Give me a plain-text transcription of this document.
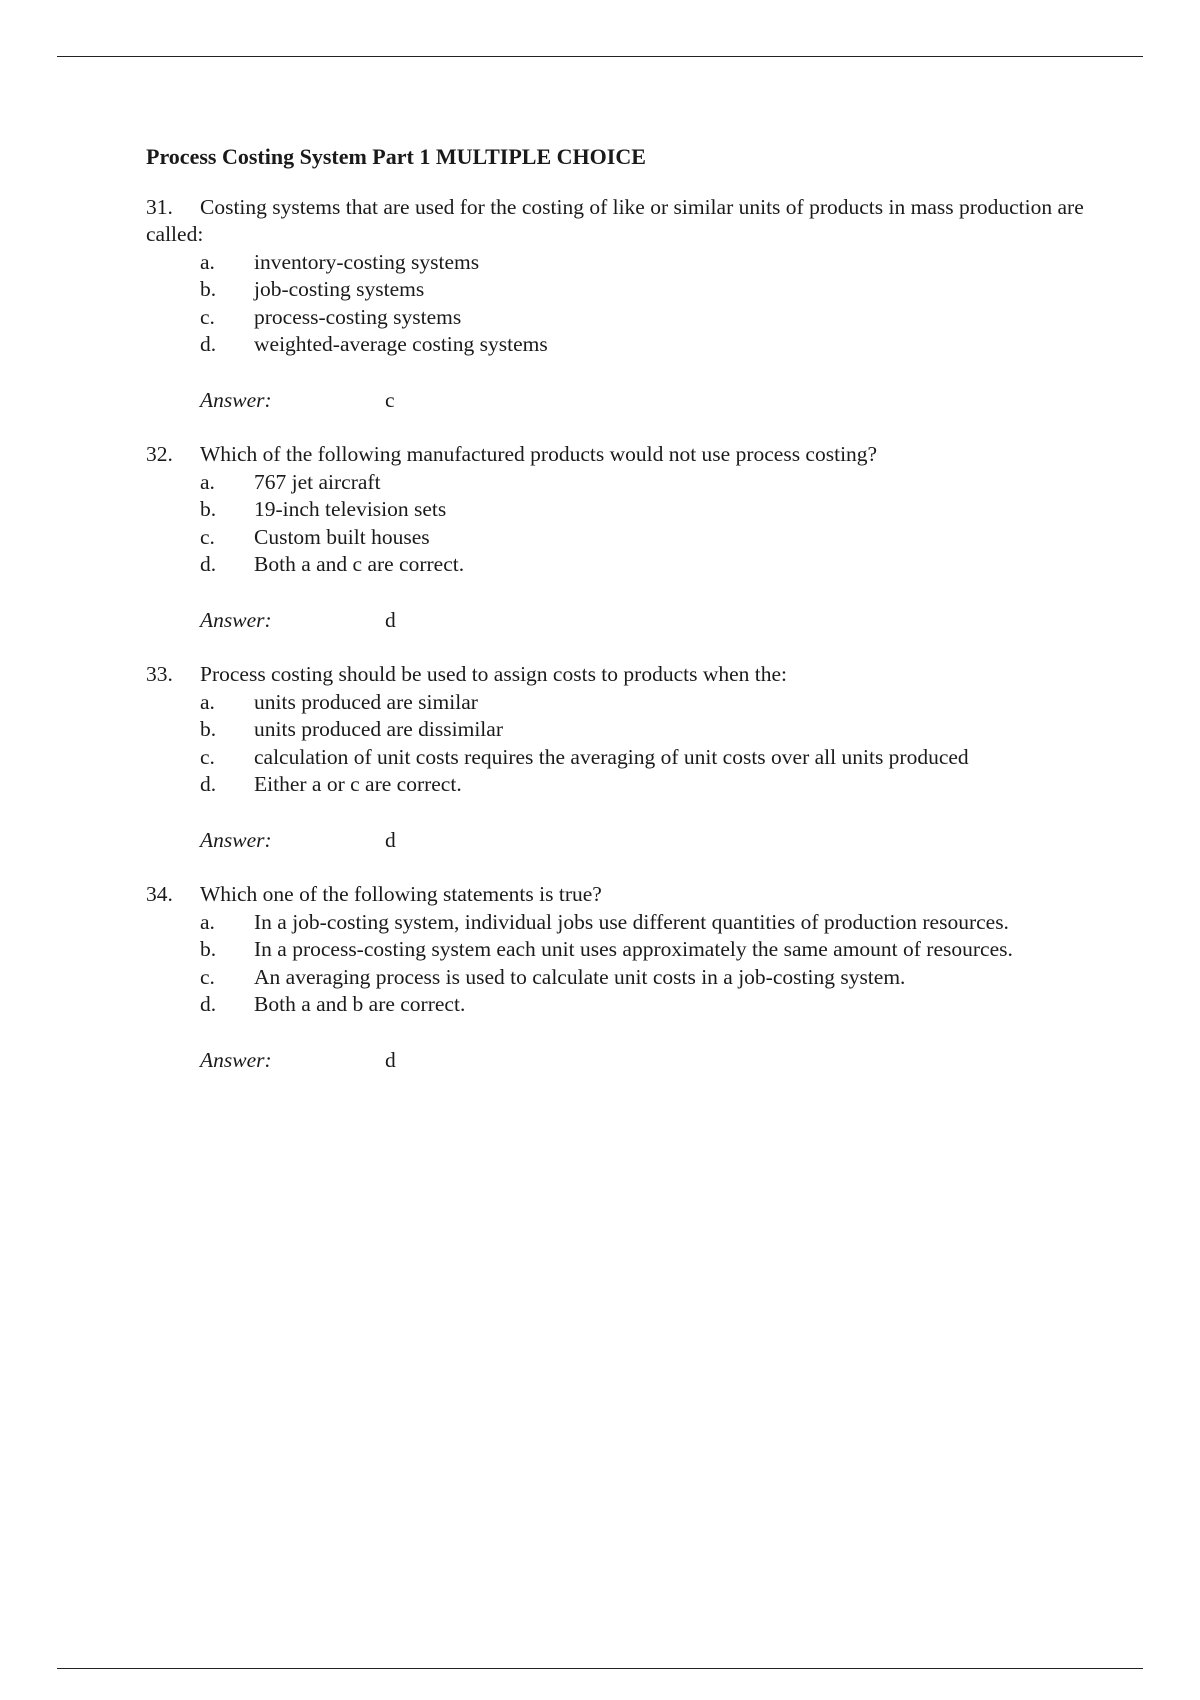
Process Costing System Part 1 MULTIPLE CHOICE
31. Costing systems that are used for the costing of like or similar units of products in mass production are called:
a.	inventory-costing systems
b.	job-costing systems
c.	process-costing systems
d.	weighted-average costing systems
Answer:	c
32. Which of the following manufactured products would not use process costing?
a.	767 jet aircraft
b.	19-inch television sets
c.	Custom built houses
d.	Both a and c are correct.
Answer:	d
33. Process costing should be used to assign costs to products when the:
a.	units produced are similar
b.	units produced are dissimilar
c.	calculation of unit costs requires the averaging of unit costs over all units produced
d.	Either a or c are correct.
Answer:	d
34. Which one of the following statements is true?
a. In a job-costing system, individual jobs use different quantities of production resources.
b. In a process-costing system each unit uses approximately the same amount of resources.
c.	An averaging process is used to calculate unit costs in a job-costing system.
d.	Both a and b are correct.
Answer:	d
